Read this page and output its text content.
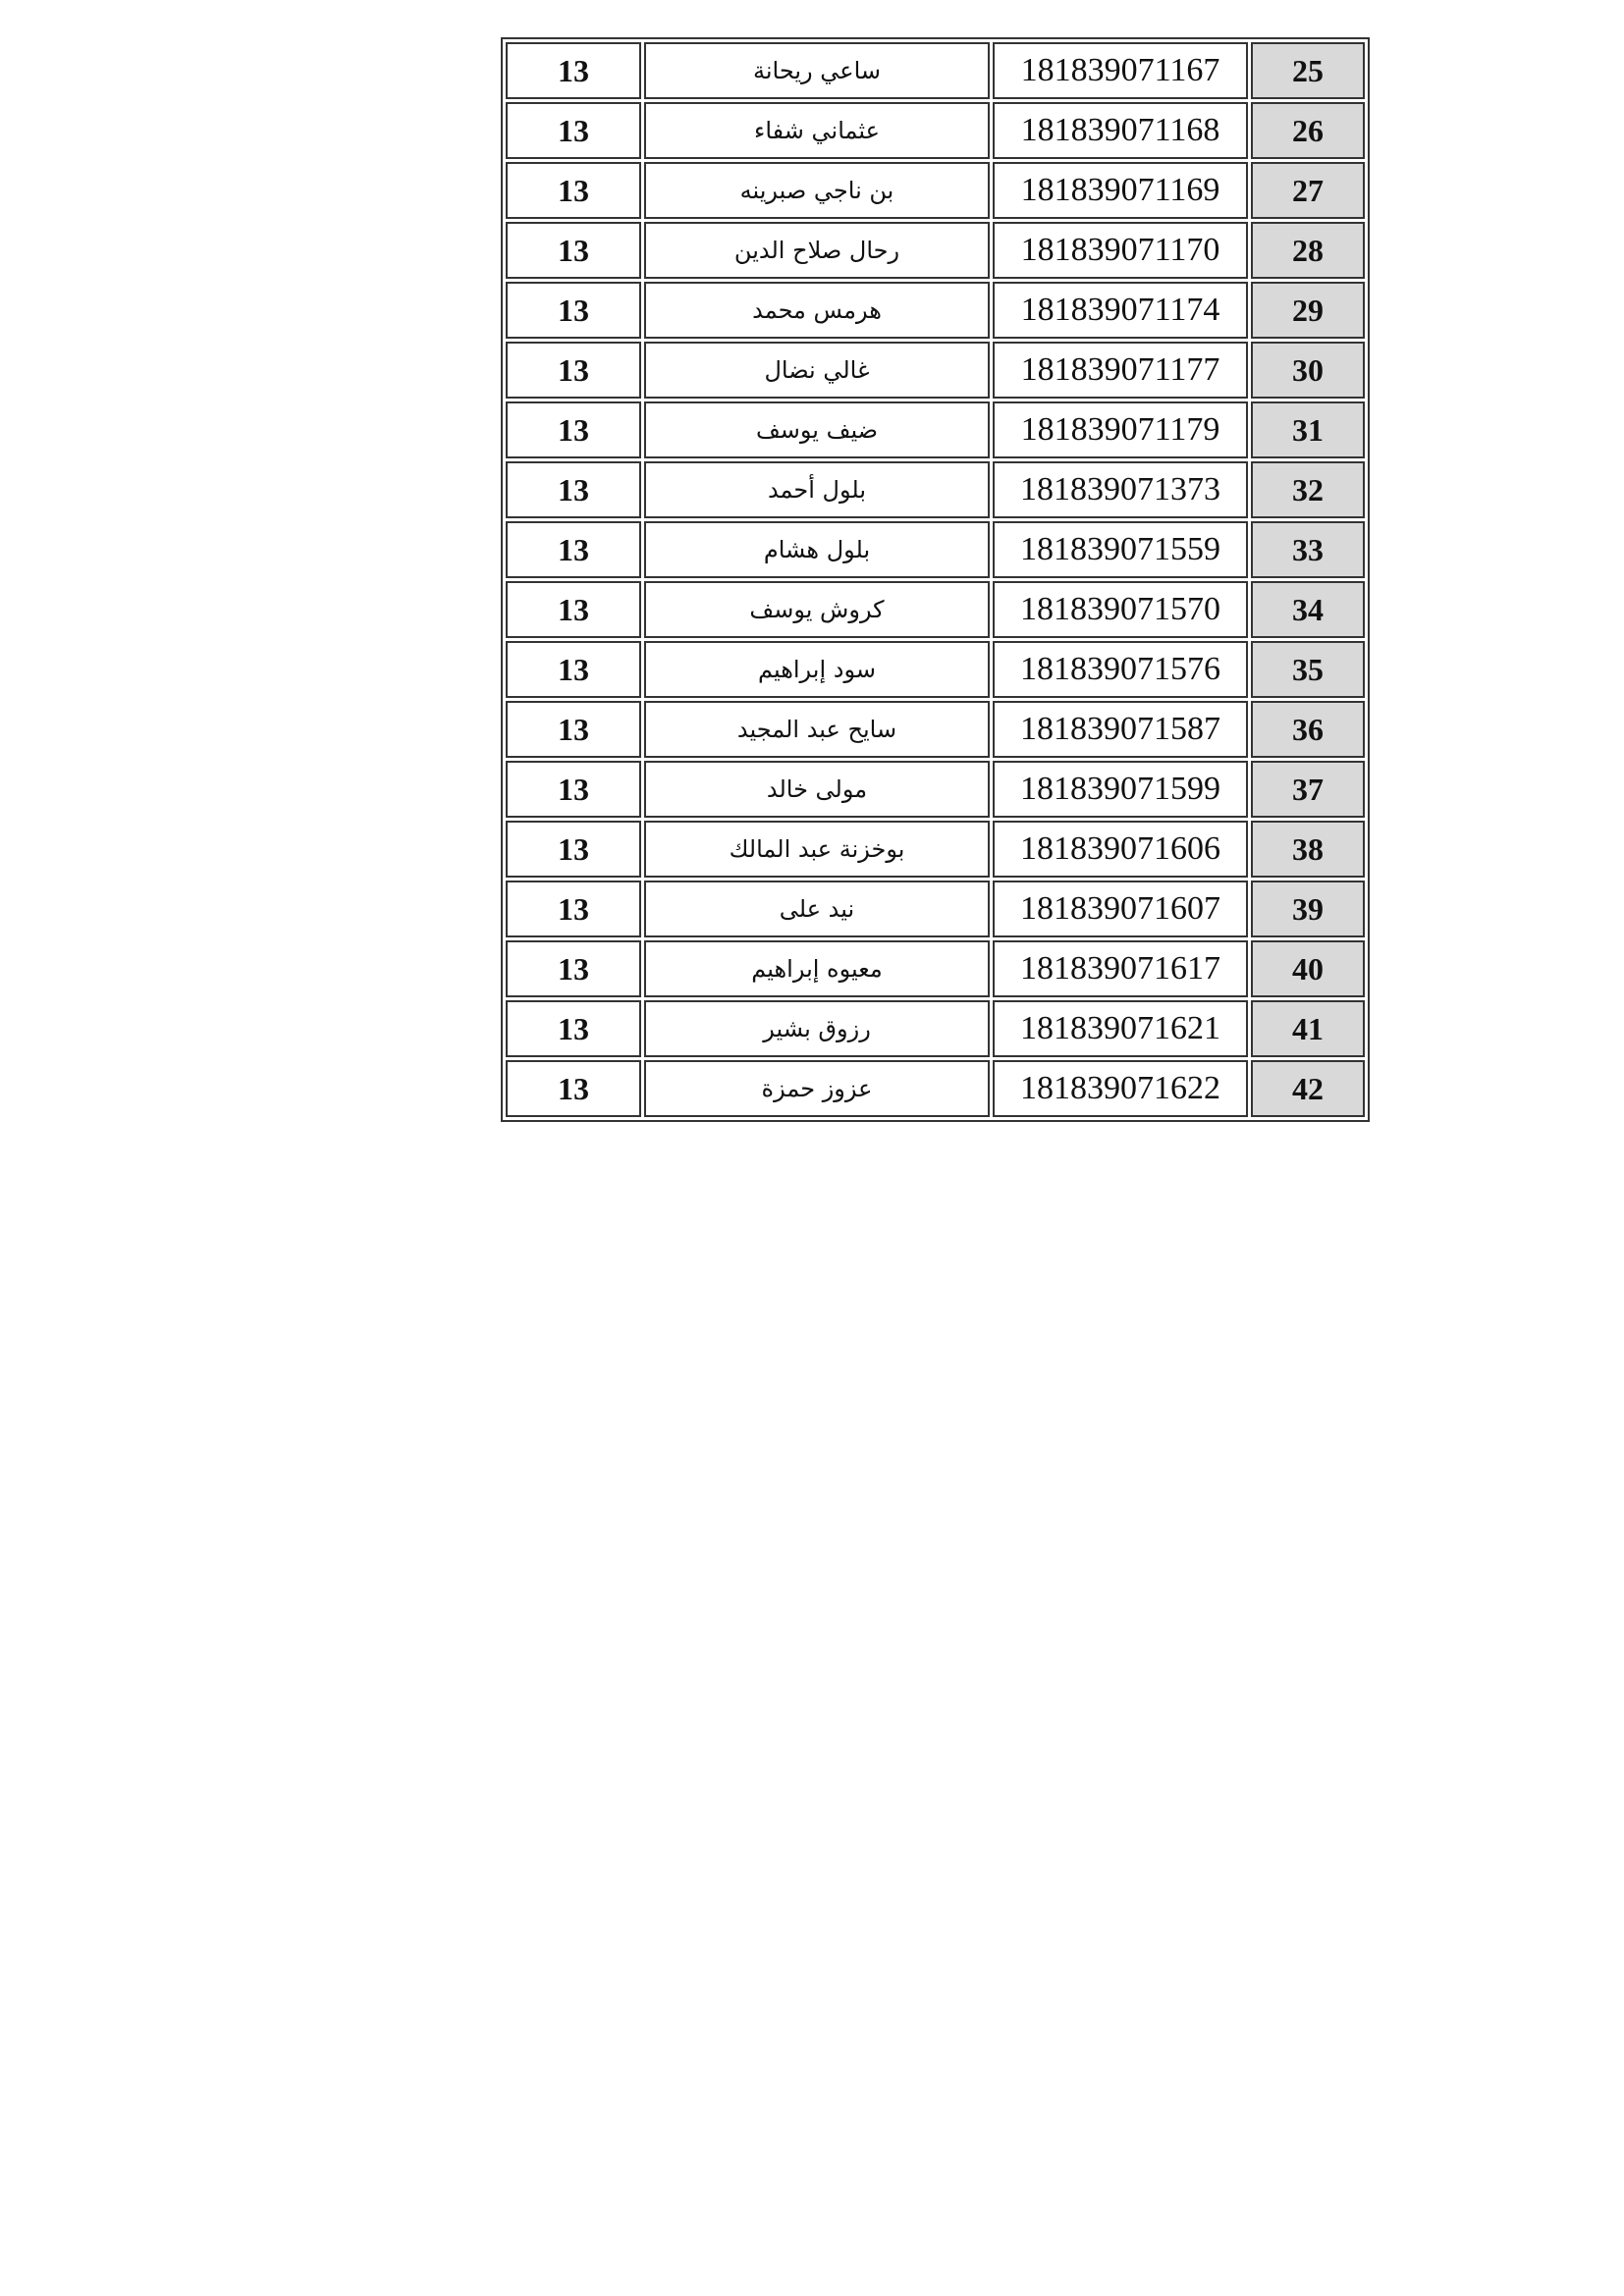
13	ساعي ريحانة	181839071167	25
13	عثماني شفاء	181839071168	26
13	بن ناجي صبرينه	181839071169	27
13	رحال صلاح الدين	181839071170	28
13	هرمس محمد	181839071174	29
13	غالي نضال	181839071177	30
13	ضيف يوسف	181839071179	31
13	بلول أحمد	181839071373	32
13	بلول هشام	181839071559	33
13	كروش يوسف	181839071570	34
13	سود إبراهيم	181839071576	35
13	سايح عبد المجيد	181839071587	36
13	مولى خالد	181839071599	37
13	بوخزنة عبد المالك	181839071606	38
13	نيد على	181839071607	39
13	معيوه إبراهيم	181839071617	40
13	رزوق بشير	181839071621	41
13	عزوز حمزة	181839071622	42
